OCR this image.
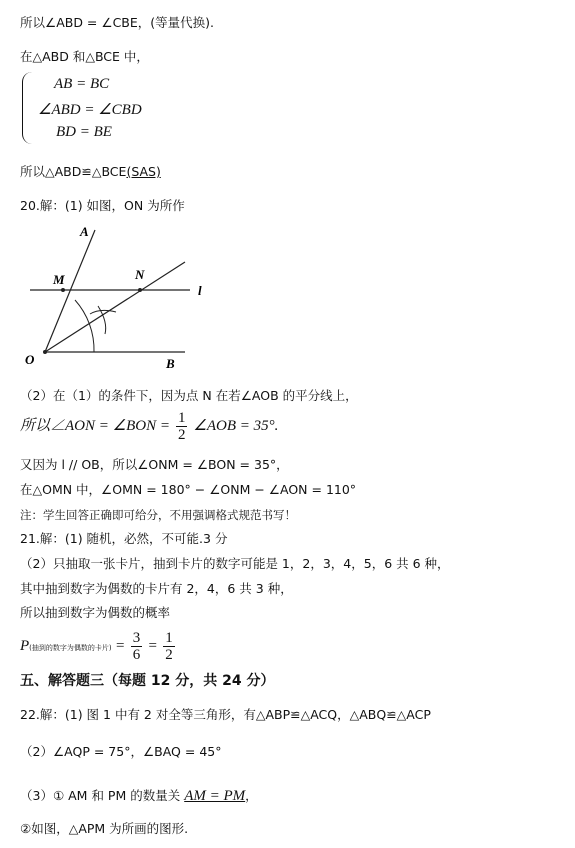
所以∠ABD = ∠CBE，(等量代换).
在△ABD 和△BCE 中，
AB = BC
∠ABD = ∠CBD
BD = BE
所以△ABD≌△BCE(SAS)
20.解：(1) 如图，ON 为所作
A
M	N
l
O	B
（2）在（1）的条件下，因为点 N 在若∠AOB 的平分线上，
所以∠AON = ∠BON = $\frac{1}{2}$ ∠AOB = 35°.
又因为 l // OB，所以∠ONM = ∠BON = 35°，
在△OMN 中，∠OMN = 180° − ∠ONM − ∠AON = 110°
注：学生回答正确即可给分，不用强调格式规范书写！
21.解：(1) 随机，必然，不可能.3 分
（2）只抽取一张卡片，抽到卡片的数字可能是 1，2，3，4，5，6 共 6 种，
其中抽到数字为偶数的卡片有 2，4，6 共 3 种，
所以抽到数字为偶数的概率
P(抽到的数字为偶数的卡片) = $\frac{3}{6} = \frac{1}{2}$
五、解答题三（每题 12 分，共 24 分）
22.解：(1) 图 1 中有 2 对全等三角形，有△ABP≌△ACQ，△ABQ≌△ACP
（2）∠AQP = 75°，∠BAQ = 45°
（3）① AM 和 PM 的数量关 AM = PM，
②如图，△APM 为所画的图形.
